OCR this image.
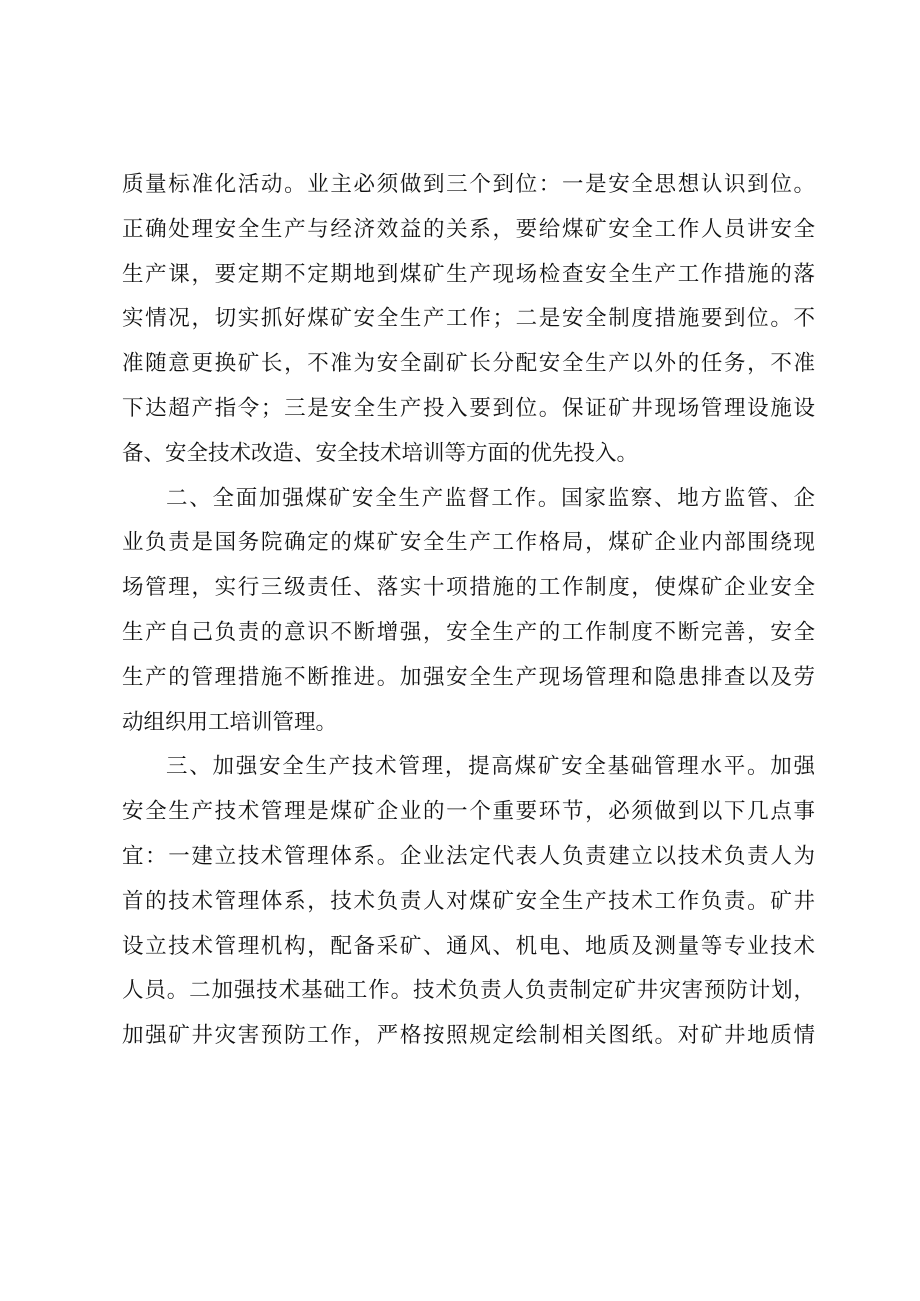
质量标准化活动。业主必须做到三个到位：一是安全思想认识到位。
正确处理安全生产与经济效益的关系，要给煤矿安全工作人员讲安全
生产课，要定期不定期地到煤矿生产现场检查安全生产工作措施的落
实情况，切实抓好煤矿安全生产工作；二是安全制度措施要到位。不
准随意更换矿长，不准为安全副矿长分配安全生产以外的任务，不准
下达超产指令；三是安全生产投入要到位。保证矿井现场管理设施设
备、安全技术改造、安全技术培训等方面的优先投入。
二、全面加强煤矿安全生产监督工作。国家监察、地方监管、企
业负责是国务院确定的煤矿安全生产工作格局，煤矿企业内部围绕现
场管理，实行三级责任、落实十项措施的工作制度，使煤矿企业安全
生产自己负责的意识不断增强，安全生产的工作制度不断完善，安全
生产的管理措施不断推进。加强安全生产现场管理和隐患排查以及劳
动组织用工培训管理。
三、加强安全生产技术管理，提高煤矿安全基础管理水平。加强
安全生产技术管理是煤矿企业的一个重要环节，必须做到以下几点事
宜：一建立技术管理体系。企业法定代表人负责建立以技术负责人为
首的技术管理体系，技术负责人对煤矿安全生产技术工作负责。矿井
设立技术管理机构，配备采矿、通风、机电、地质及测量等专业技术
人员。二加强技术基础工作。技术负责人负责制定矿井灾害预防计划，
加强矿井灾害预防工作，严格按照规定绘制相关图纸。对矿井地质情
